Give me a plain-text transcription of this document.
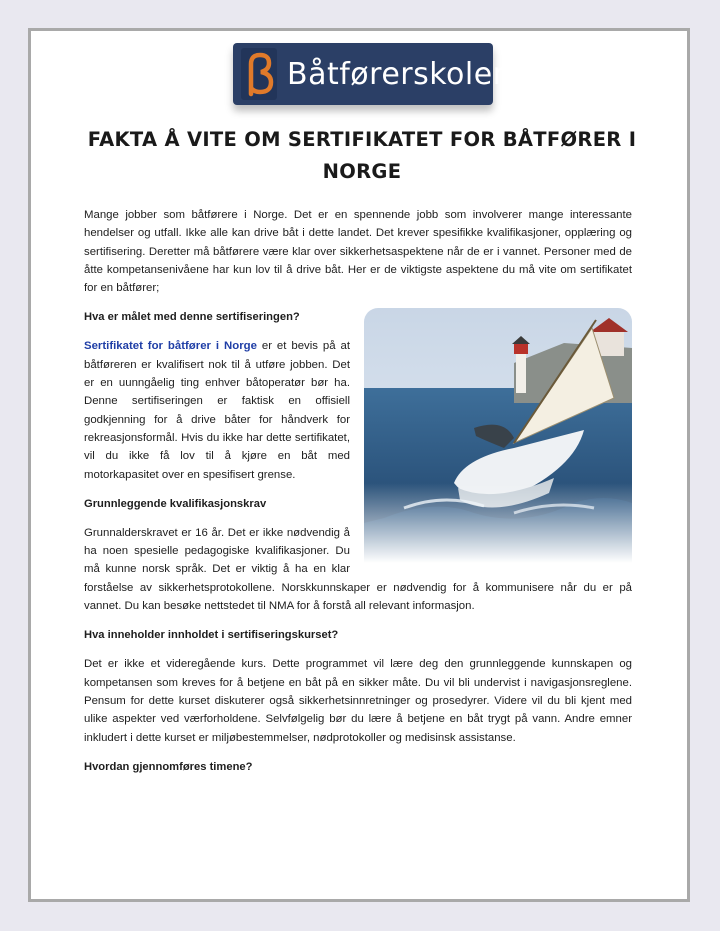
Båtførerskolen
FAKTA Å VITE OM SERTIFIKATET FOR BÅTFØRER I NORGE

Mange jobber som båtførere i Norge. Det er en spennende jobb som involverer mange interessante hendelser og utfall. Ikke alle kan drive båt i dette landet. Det krever spesifikke kvalifikasjoner, opplæring og sertifisering. Deretter må båtførere være klar over sikkerhetsaspektene når de er i vannet. Personer med de åtte kompetansenivåene har kun lov til å drive båt. Her er de viktigste aspektene du må vite om sertifikatet for en båtfører;

Hva er målet med denne sertifiseringen?

Sertifikatet for båtfører i Norge er et bevis på at båtføreren er kvalifisert nok til å utføre jobben. Det er en uunngåelig ting enhver båtoperatør bør ha. Denne sertifiseringen er faktisk en offisiell godkjenning for å drive båter for håndverk for rekreasjonsformål. Hvis du ikke har dette sertifikatet, vil du ikke få lov til å kjøre en båt med motorkapasitet over en spesifisert grense.

Grunnleggende kvalifikasjonskrav

Grunnalderskravet er 16 år. Det er ikke nødvendig å ha noen spesielle pedagogiske kvalifikasjoner. Du må kunne norsk språk. Det er viktig å ha en klar forståelse av sikkerhetsprotokollene. Norskkunnskaper er nødvendig for å kommunisere når du er på vannet. Du kan besøke nettstedet til NMA for å forstå all relevant informasjon.

Hva inneholder innholdet i sertifiseringskurset?

Det er ikke et videregående kurs. Dette programmet vil lære deg den grunnleggende kunnskapen og kompetansen som kreves for å betjene en båt på en sikker måte. Du vil bli undervist i navigasjonsreglene. Pensum for dette kurset diskuterer også sikkerhetsinnretninger og prosedyrer. Videre vil du bli kjent med ulike aspekter ved værforholdene. Selvfølgelig bør du lære å betjene en båt trygt på vann. Andre emner inkludert i dette kurset er miljøbestemmelser, nødprotokoller og medisinsk assistanse.

Hvordan gjennomføres timene?
